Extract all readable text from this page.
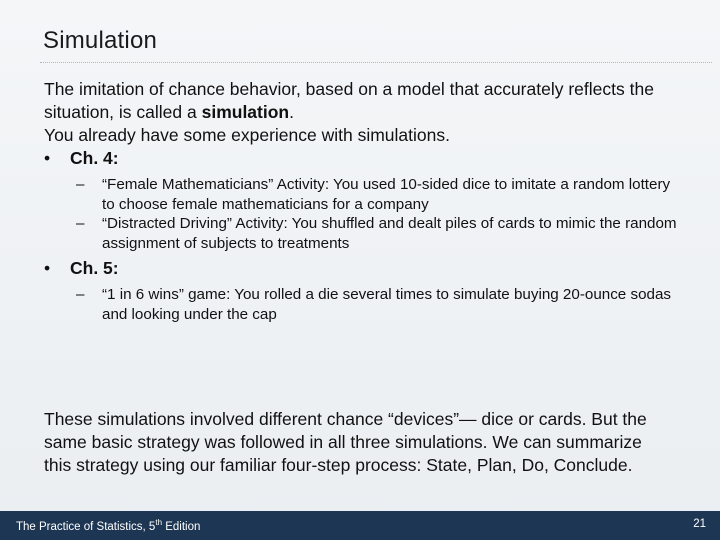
Simulation

The imitation of chance behavior, based on a model that accurately reflects the situation, is called a simulation.

You already have some experience with simulations.

•	Ch. 4:

– “Female Mathematicians” Activity: You used 10-sided dice to imitate a random lottery to choose female mathematicians for a company

– “Distracted Driving” Activity: You shuffled and dealt piles of cards to mimic the random assignment of subjects to treatments

•	Ch. 5:

– “1 in 6 wins” game: You rolled a die several times to simulate buying 20-ounce sodas and looking under the cap

These simulations involved different chance “devices”— dice or cards. But the same basic strategy was followed in all three simulations. We can summarize this strategy using our familiar four-step process: State, Plan, Do, Conclude.

The Practice of Statistics, 5th Edition	21
